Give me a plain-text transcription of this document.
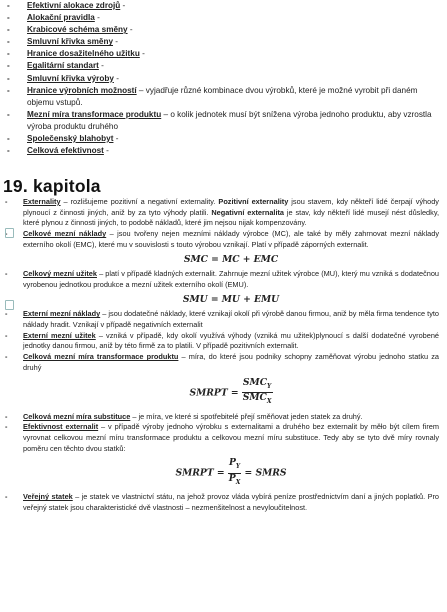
- Efektivní alokace zdrojů -
- Alokační pravidla -
- Krabicové schéma směny -
- Smluvní křivka směny -
- Hranice dosažitelného užitku -
- Egalitární standart -
- Smluvní křivka výroby -
- Hranice výrobních možností – vyjadřuje různé kombinace dvou výrobků, které je možné vyrobit při daném objemu vstupů.
- Mezní míra transformace produktu – o kolik jednotek musí být snížena výroba jednoho produktu, aby vzrostla výroba produktu druhého
- Společenský blahobyt -
- Celková efektivnost -
19. kapitola
- Externality – rozlišujeme pozitivní a negativní externality. Pozitivní externality jsou stavem, kdy někteří lidé čerpají výhody plynoucí z činnosti jiných, aniž by za tyto výhody platili. Negativní externalita je stav, kdy někteří lidé musejí nést důsledky, které plynou z činnosti jiných, to podobě nákladů, které jim nejsou nijak kompenzovány.
- Celkové mezní náklady – jsou tvořeny nejen mezními náklady výrobce (MC), ale také by měly zahrnovat mezní náklady externího okolí (EMC), které mu v souvislosti s touto výrobou vznikají. Platí v případě záporných externalit.
SMC = MC + EMC
- Celkový mezní užitek – platí v případě kladných externalit. Zahrnuje mezní užitek výrobce (MU), který mu vzniká s dodatečnou vyrobenou jednotkou produkce a mezní užitek externího okolí (EMU).
SMU = MU + EMU
- Externí mezní náklady – jsou dodatečné náklady, které vznikají okolí při výrobě danou firmou, aniž by měla firma tendence tyto náklady hradit. Vznikají v případě negativních externalit
- Externí mezní užitek – vzniká v případě, kdy okolí využívá výhody (vzniká mu užitek)plynoucí s další dodatečné vyrobené jednotky danou firmou, aniž by této firmě za to platili. V případě pozitivních externalit.
- Celková mezní míra transformace produktu – míra, do které jsou podniky schopny zaměňovat výrobu jednoho statku za druhý
SMRPT = $\frac{SMC_Y}{SMC_X}$
- Celková mezní míra substituce – je míra, ve které si spotřebitelé přejí směňovat jeden statek za druhý.
- Efektivnost externalit – v případě výroby jednoho výrobku s externalitami a druhého bez externalit by měło být cílem firem vyrovnat celkovou mezní míru transformace produktu a celkovou mezní míru substituce. Tedy aby se tyto dvě míry rovnaly poměru cen těchto dvou statků:
SMRPT = $\frac{P_Y}{P_X}$ = SMRS
- Veřejný statek – je statek ve vlastnictví státu, na jehož provoz vláda vybírá peníze prostřednictvím daní a jiných poplatků. Pro veřejný statek jsou charakteristické dvě vlastnosti – nezmenšitelnost a nevyloučitelnost.
